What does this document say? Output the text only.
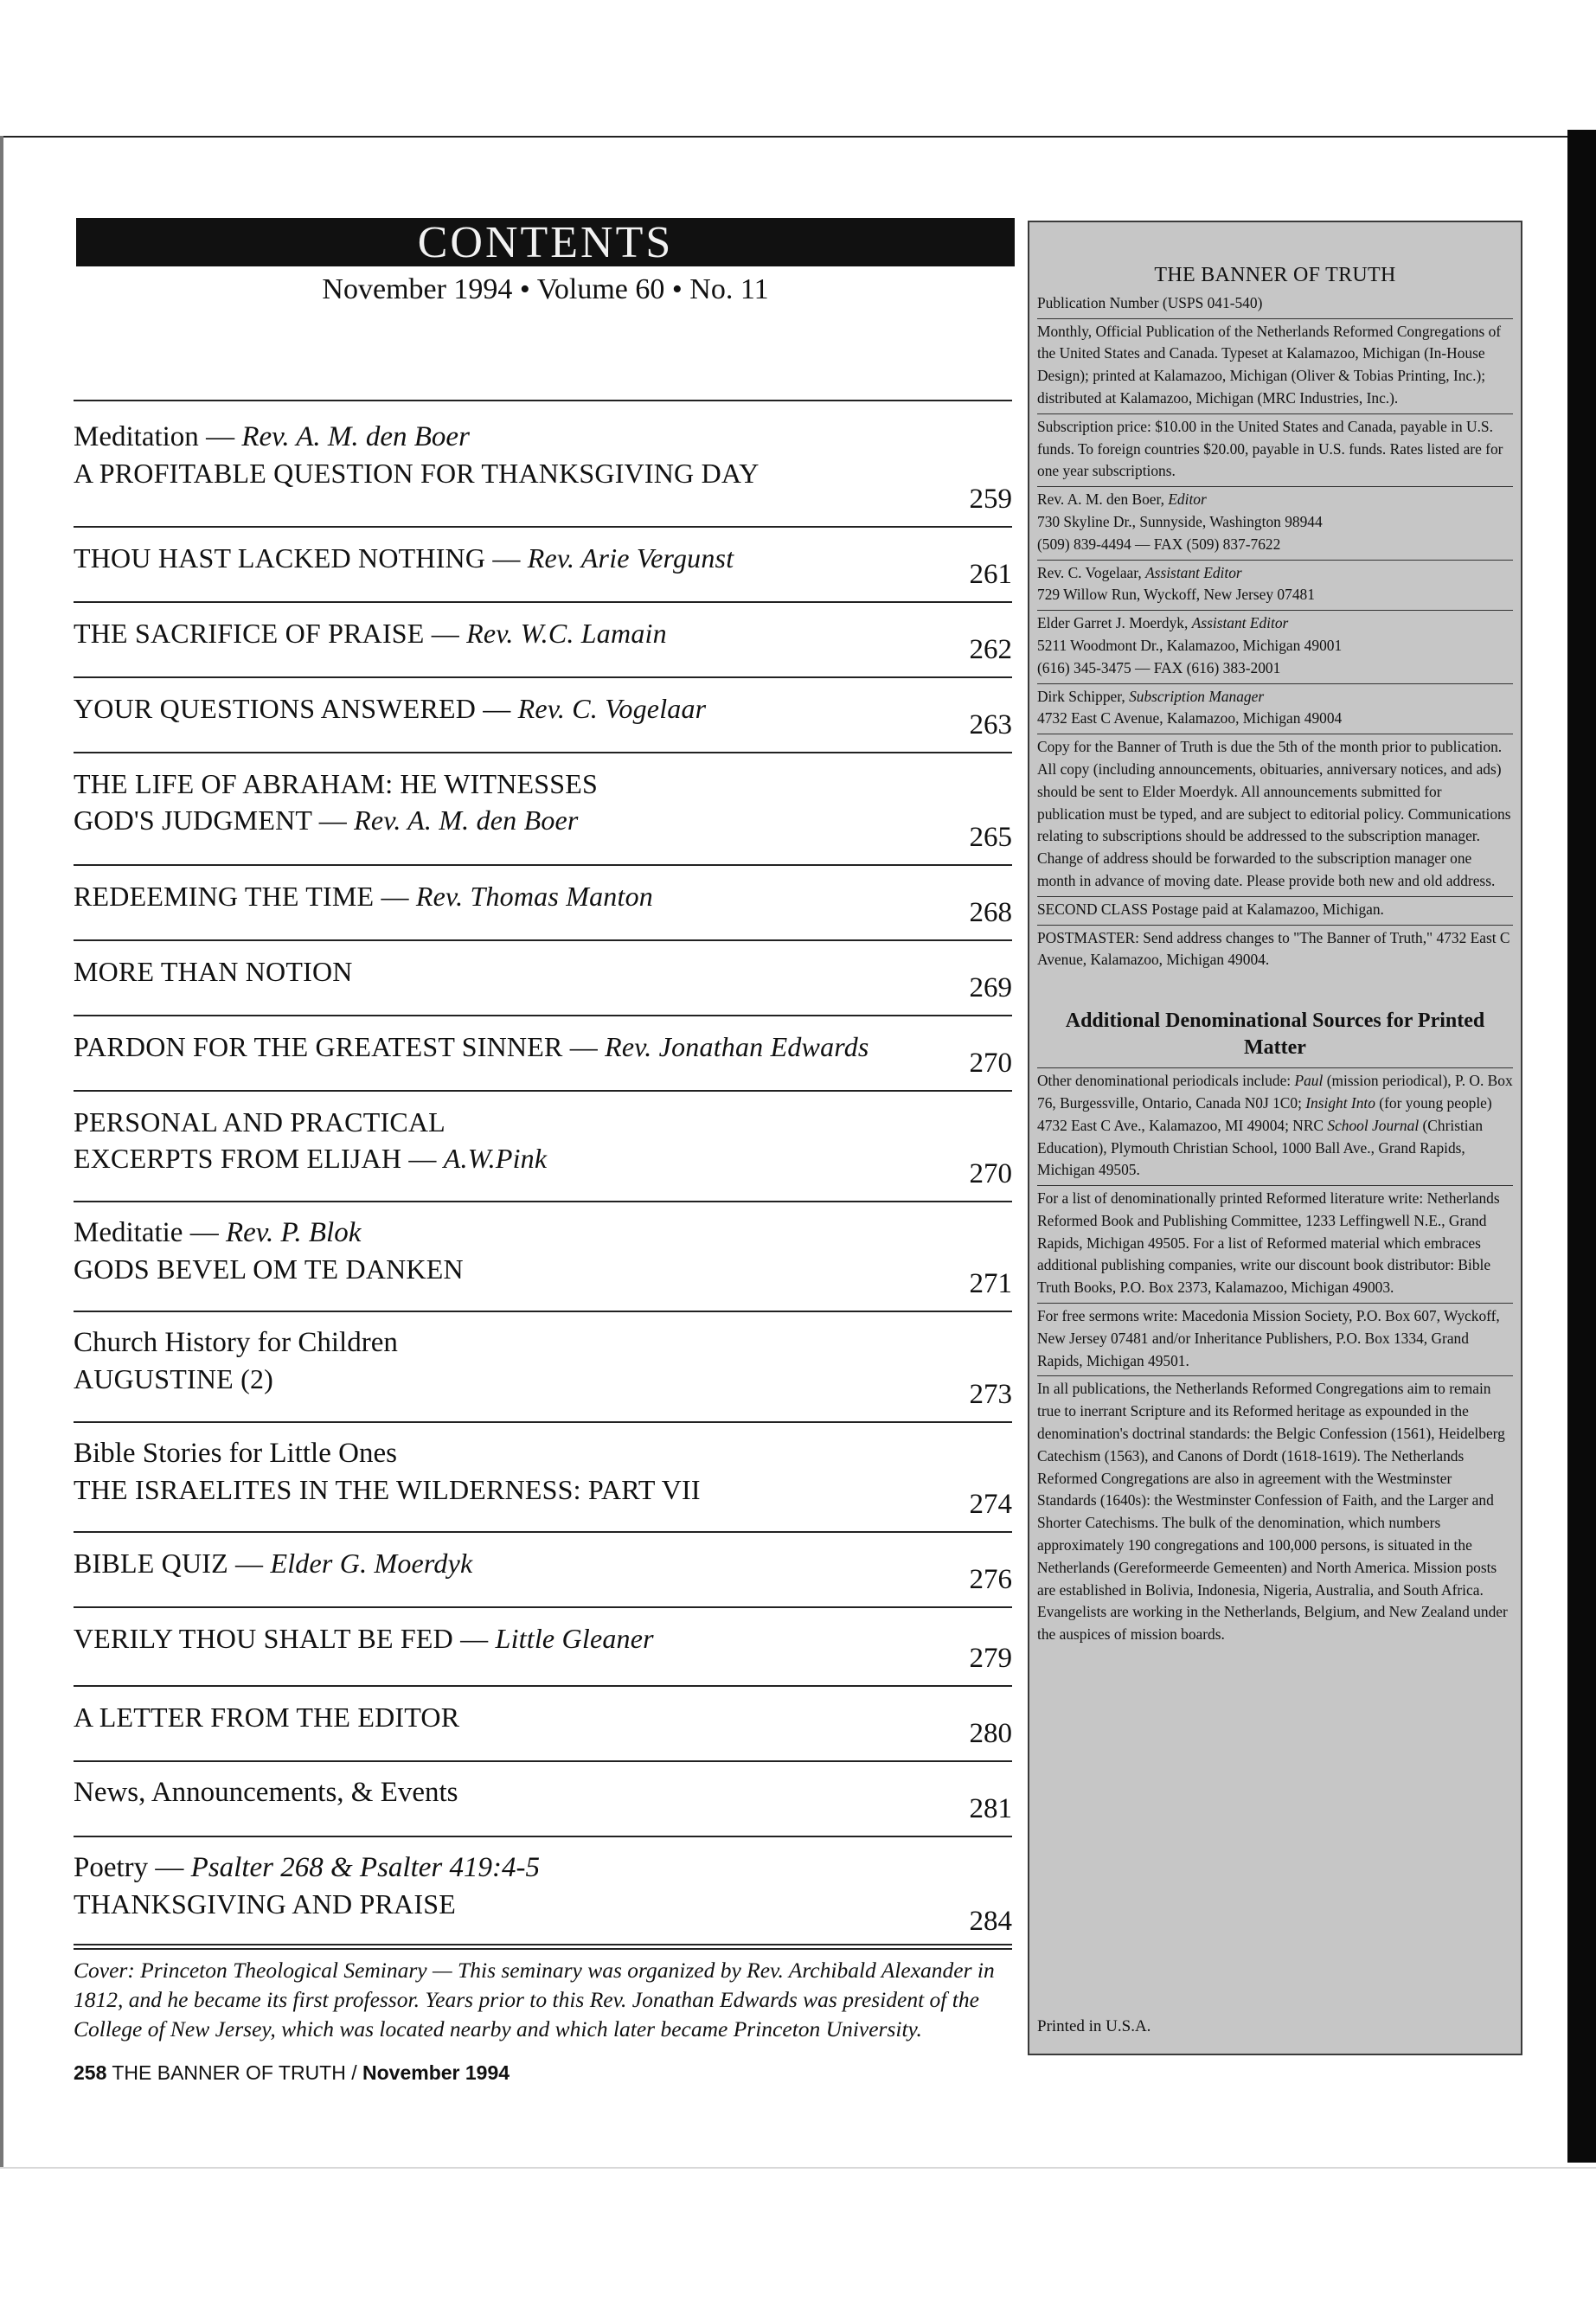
CONTENTS
November 1994 • Volume 60 • No. 11
Meditation — Rev. A. M. den Boer
A PROFITABLE QUESTION FOR THANKSGIVING DAY
259
THOU HAST LACKED NOTHING — Rev. Arie Vergunst
261
THE SACRIFICE OF PRAISE — Rev. W.C. Lamain
262
YOUR QUESTIONS ANSWERED — Rev. C. Vogelaar
263
THE LIFE OF ABRAHAM: HE WITNESSES
GOD'S JUDGMENT — Rev. A. M. den Boer
265
REDEEMING THE TIME — Rev. Thomas Manton
268
MORE THAN NOTION
269
PARDON FOR THE GREATEST SINNER — Rev. Jonathan Edwards
270
PERSONAL AND PRACTICAL
EXCERPTS FROM ELIJAH — A.W.Pink	270
Meditatie — Rev. P. Blok
GODS BEVEL OM TE DANKEN	271
Church History for Children
AUGUSTINE (2)	273
Bible Stories for Little Ones
THE ISRAELITES IN THE WILDERNESS: PART VII	274
BIBLE QUIZ — Elder G. Moerdyk
276
VERILY THOU SHALT BE FED — Little Gleaner
279
A LETTER FROM THE EDITOR
280
News, Announcements, & Events
281
Poetry — Psalter 268 & Psalter 419:4-5
THANKSGIVING AND PRAISE
284
Cover: Princeton Theological Seminary — This seminary was organized by Rev. Archibald Alexander in 1812, and he became its first professor. Years prior to this Rev. Jonathan Edwards was president of the College of New Jersey, which was located nearby and which later became Princeton University.
258 THE BANNER OF TRUTH / November 1994
THE BANNER OF TRUTH

Publication Number (USPS 041-540)

Monthly, Official Publication of the Netherlands Reformed Congregations of the United States and Canada. Typeset at Kalamazoo, Michigan (In-House Design); printed at Kalamazoo, Michigan (Oliver & Tobias Printing, Inc.); distributed at Kalamazoo, Michigan (MRC Industries, Inc.).

Subscription price: $10.00 in the United States and Canada, payable in U.S. funds. To foreign countries $20.00, payable in U.S. funds. Rates listed are for one year subscriptions.

Rev. A. M. den Boer, Editor
730 Skyline Dr., Sunnyside, Washington 98944
(509) 839-4494 — FAX (509) 837-7622

Rev. C. Vogelaar, Assistant Editor
729 Willow Run, Wyckoff, New Jersey 07481

Elder Garret J. Moerdyk, Assistant Editor
5211 Woodmont Dr., Kalamazoo, Michigan 49001
(616) 345-3475 — FAX (616) 383-2001

Dirk Schipper, Subscription Manager
4732 East C Avenue, Kalamazoo, Michigan 49004

Copy for the Banner of Truth is due the 5th of the month prior to publication. All copy (including announcements, obituaries, anniversary notices, and ads) should be sent to Elder Moerdyk. All announcements submitted for publication must be typed, and are subject to editorial policy. Communications relating to subscriptions should be addressed to the subscription manager. Change of address should be forwarded to the subscription manager one month in advance of moving date. Please provide both new and old address.

SECOND CLASS Postage paid at Kalamazoo, Michigan.

POSTMASTER: Send address changes to "The Banner of Truth," 4732 East C Avenue, Kalamazoo, Michigan 49004.

Additional Denominational Sources for Printed Matter

Other denominational periodicals include: Paul (mission periodical), P. O. Box 76, Burgessville, Ontario, Canada N0J 1C0; Insight Into (for young people) 4732 East C Ave., Kalamazoo, MI 49004; NRC School Journal (Christian Education), Plymouth Christian School, 1000 Ball Ave., Grand Rapids, Michigan 49505.

For a list of denominationally printed Reformed literature write: Netherlands Reformed Book and Publishing Committee, 1233 Leffingwell N.E., Grand Rapids, Michigan 49505. For a list of Reformed material which embraces additional publishing companies, write our discount book distributor: Bible Truth Books, P.O. Box 2373, Kalamazoo, Michigan 49003.

For free sermons write: Macedonia Mission Society, P.O. Box 607, Wyckoff, New Jersey 07481 and/or Inheritance Publishers, P.O. Box 1334, Grand Rapids, Michigan 49501.

In all publications, the Netherlands Reformed Congregations aim to remain true to inerrant Scripture and its Reformed heritage as expounded in the denomination's doctrinal standards: the Belgic Confession (1561), Heidelberg Catechism (1563), and Canons of Dordt (1618-1619). The Netherlands Reformed Congregations are also in agreement with the Westminster Standards (1640s): the Westminster Confession of Faith, and the Larger and Shorter Catechisms. The bulk of the denomination, which numbers approximately 190 congregations and 100,000 persons, is situated in the Netherlands (Gereformeerde Gemeenten) and North America. Mission posts are established in Bolivia, Indonesia, Nigeria, Australia, and South Africa. Evangelists are working in the Netherlands, Belgium, and New Zealand under the auspices of mission boards.

Printed in U.S.A.
